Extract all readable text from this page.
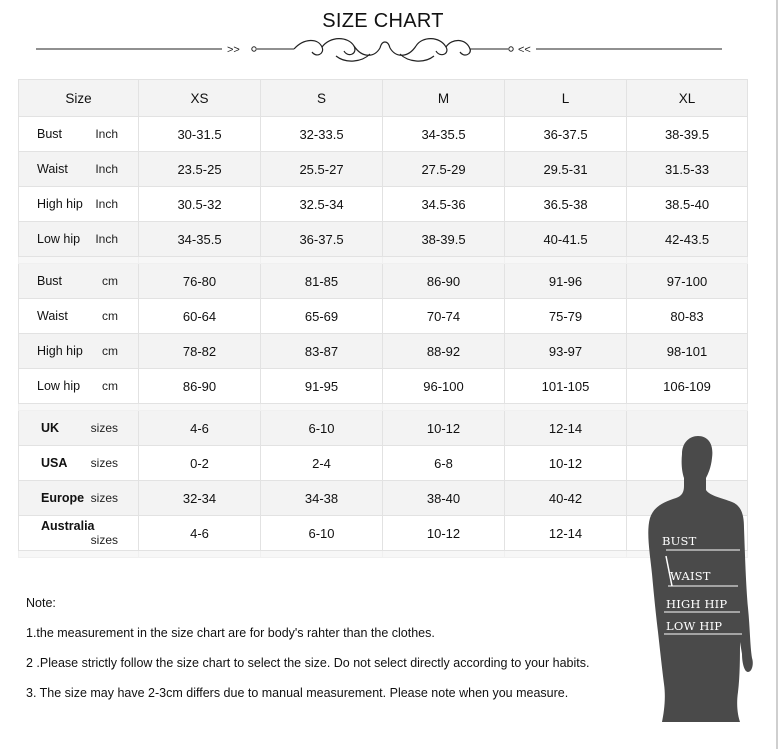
SIZE CHART
>>	<<
Size	XS	S	M	L	XL
Bust Inch	30-31.5	32-33.5	34-35.5	36-37.5	38-39.5
Waist Inch	23.5-25	25.5-27	27.5-29	29.5-31	31.5-33
High hip Inch	30.5-32	32.5-34	34.5-36	36.5-38	38.5-40
Low hip Inch	34-35.5	36-37.5	38-39.5	40-41.5	42-43.5

Bust cm	76-80	81-85	86-90	91-96	97-100
Waist cm	60-64	65-69	70-74	75-79	80-83
High hip cm	78-82	83-87	88-92	93-97	98-101
Low hip cm	86-90	91-95	96-100	101-105	106-109

UK sizes	4-6	6-10	10-12	12-14	
USA sizes	0-2	2-4	6-8	10-12	
Europe sizes	32-34	34-38	38-40	40-42	
Australia
sizes	4-6	6-10	10-12	12-14	

Note:

1.the measurement in the size chart are for body's rahter than the clothes.

2 .Please strictly follow the size chart to select the size. Do not select directly according to your habits.

3. The size may have 2-3cm differs due to manual measurement. Please note when you measure.

BUST
WAIST
HIGH HIP
LOW HIP
